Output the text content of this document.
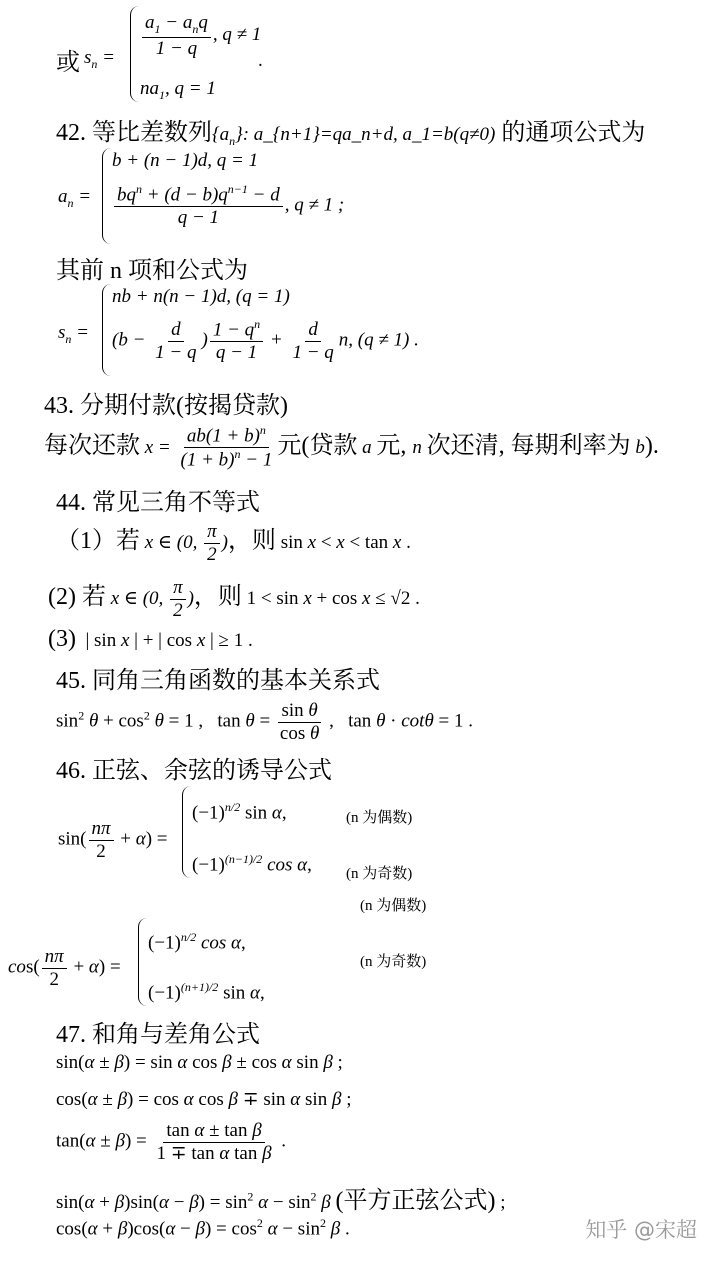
或 $s_n = \frac{a_1 - a_nq}{1 - q}$ , q ≠ 1
.
$na_1$, q = 1
42. 等比差数列$\{a_n\}$: a_{n+1}=qa_n+d, a_1=b(q≠0) 的通项公式为
$a_n$ =
b + (n − 1)d, q = 1
$\frac{bq^n + (d - b)q^{n-1} - d}{q - 1}$ , q ≠ 1 ;
其前 n 项和公式为
$s_n$ =
nb + n(n − 1)d, (q = 1)
($b - \frac{d}{1 - q}$ ) $\frac{1 - q^n}{q - 1} + \frac{d}{1 - q} n$, (q ≠ 1) .
43. 分期付款(按揭贷款)
每次还款 $x = \frac{ab(1 + b)^n}{(1 + b)^n - 1}$ 元(贷款 a 元, n 次还清, 每期利率为 b).
44. 常见三角不等式
（1）若 x ∈ (0, $\frac{\pi}{2}$ )，则 sin x < x < tan x .
(2) 若 x ∈ (0, $\frac{\pi}{2}$ )，则 1 < sin x + cos x ≤ √2 .
(3)  | sin x | + | cos x | ≥ 1 .
45. 同角三角函数的基本关系式
$\sin^2 \theta + \cos^2 \theta = 1$ ,   $\tan \theta = \frac{\text{sin θ}}{\text{cos θ}}$ ,   tan θ · cotθ = 1 .
46. 正弦、余弦的诱导公式
$\sin( \frac{n\pi}{2} + \alpha)$ =
$(-1)^{n/2}$ sin α,	(n 为偶数)
$(-1)^{(n-1)/2}$ cos α, (n 为奇数)
(n 为偶数)
$\cos( \frac{n\pi}{2} + \alpha)$ =
$(-1)^{n/2}$ cos α,
(n 为奇数)
$(-1)^{(n+1)/2}$ sin α,
47. 和角与差角公式
sin(α ± β) = sin α cos β ± cos α sin β ;
cos(α ± β) = cos α cos β ∓ sin α sin β ;
$\tan(\alpha \pm \beta) = \frac{\text{tan α ± tan β}}{\text{1 ∓ tan α tan β}}$ .
$\sin(\alpha + \beta)\sin(\alpha - \beta) = \sin^2 \alpha - \sin^2 \beta$ (平方正弦公式) ;
$\cos(\alpha + \beta)\cos(\alpha - \beta) = \cos^2 \alpha - \sin^2 \beta$ .	知乎 @宋超
